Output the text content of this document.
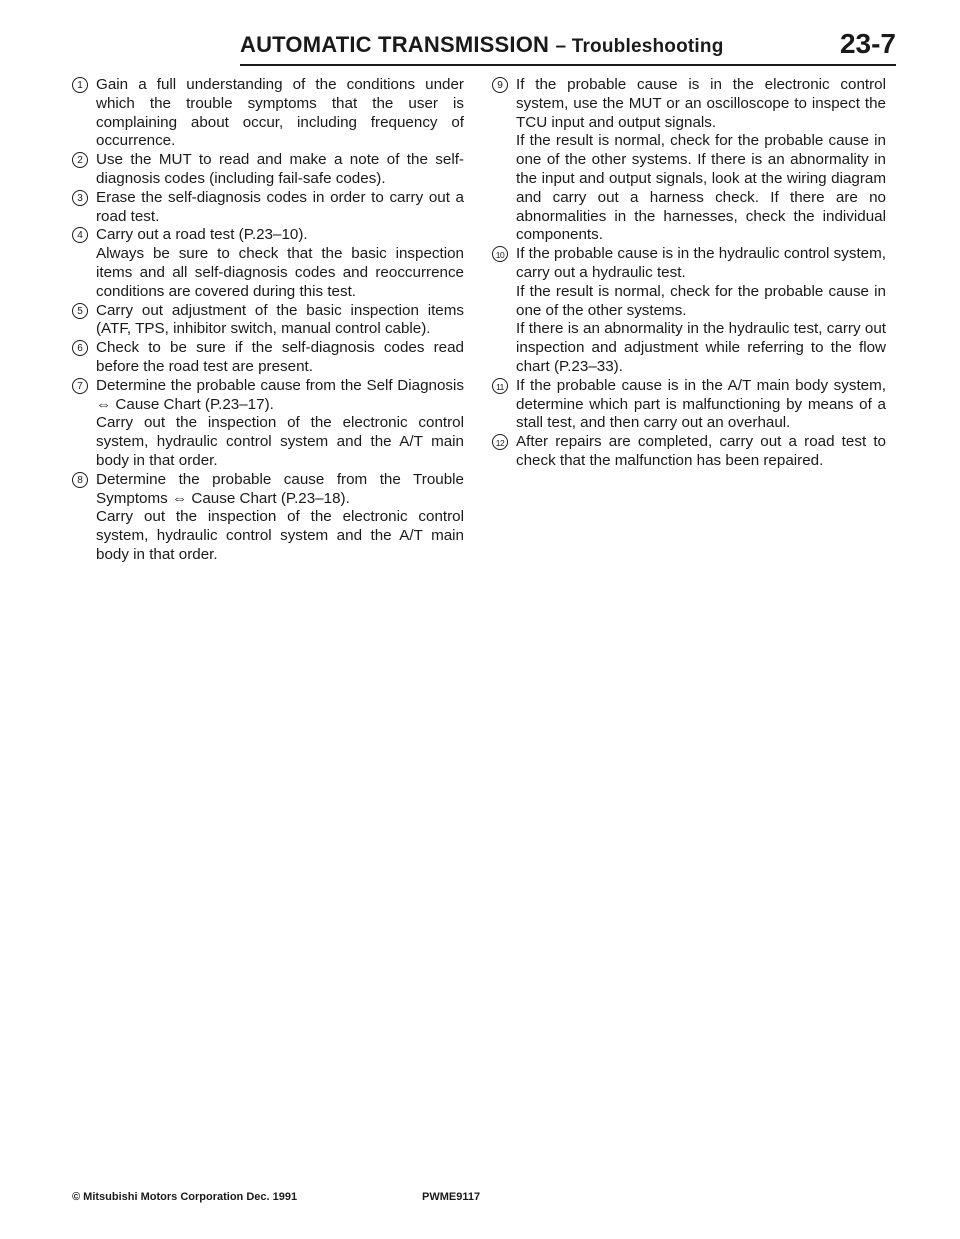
AUTOMATIC TRANSMISSION – Troubleshooting	23-7
1 Gain a full understanding of the conditions under which the trouble symptoms that the user is complaining about occur, including frequency of occurrence.

2 Use the MUT to read and make a note of the self-diagnosis codes (including fail-safe codes).

3 Erase the self-diagnosis codes in order to carry out a road test.

4 Carry out a road test (P.23–10).

Always be sure to check that the basic inspection items and all self-diagnosis codes and reoccurrence conditions are covered during this test.

5 Carry out adjustment of the basic inspection items (ATF, TPS, inhibitor switch, manual control cable).

6 Check to be sure if the self-diagnosis codes read before the road test are present.

7 Determine the probable cause from the Self Diagnosis ⇔ Cause Chart (P.23–17).

Carry out the inspection of the electronic control system, hydraulic control system and the A/T main body in that order.

8 Determine the probable cause from the Trouble Symptoms ⇔ Cause Chart (P.23–18).

Carry out the inspection of the electronic control system, hydraulic control system and the A/T main body in that order.

9 If the probable cause is in the electronic control system, use the MUT or an oscilloscope to inspect the TCU input and output signals.

If the result is normal, check for the probable cause in one of the other systems. If there is an abnormality in the input and output signals, look at the wiring diagram and carry out a harness check. If there are no abnormalities in the harnesses, check the individual components.

10 If the probable cause is in the hydraulic control system, carry out a hydraulic test.

If the result is normal, check for the probable cause in one of the other systems.

If there is an abnormality in the hydraulic test, carry out inspection and adjustment while referring to the flow chart (P.23–33).

11 If the probable cause is in the A/T main body system, determine which part is malfunctioning by means of a stall test, and then carry out an overhaul.

12 After repairs are completed, carry out a road test to check that the malfunction has been repaired.

© Mitsubishi Motors Corporation Dec. 1991	PWME9117
